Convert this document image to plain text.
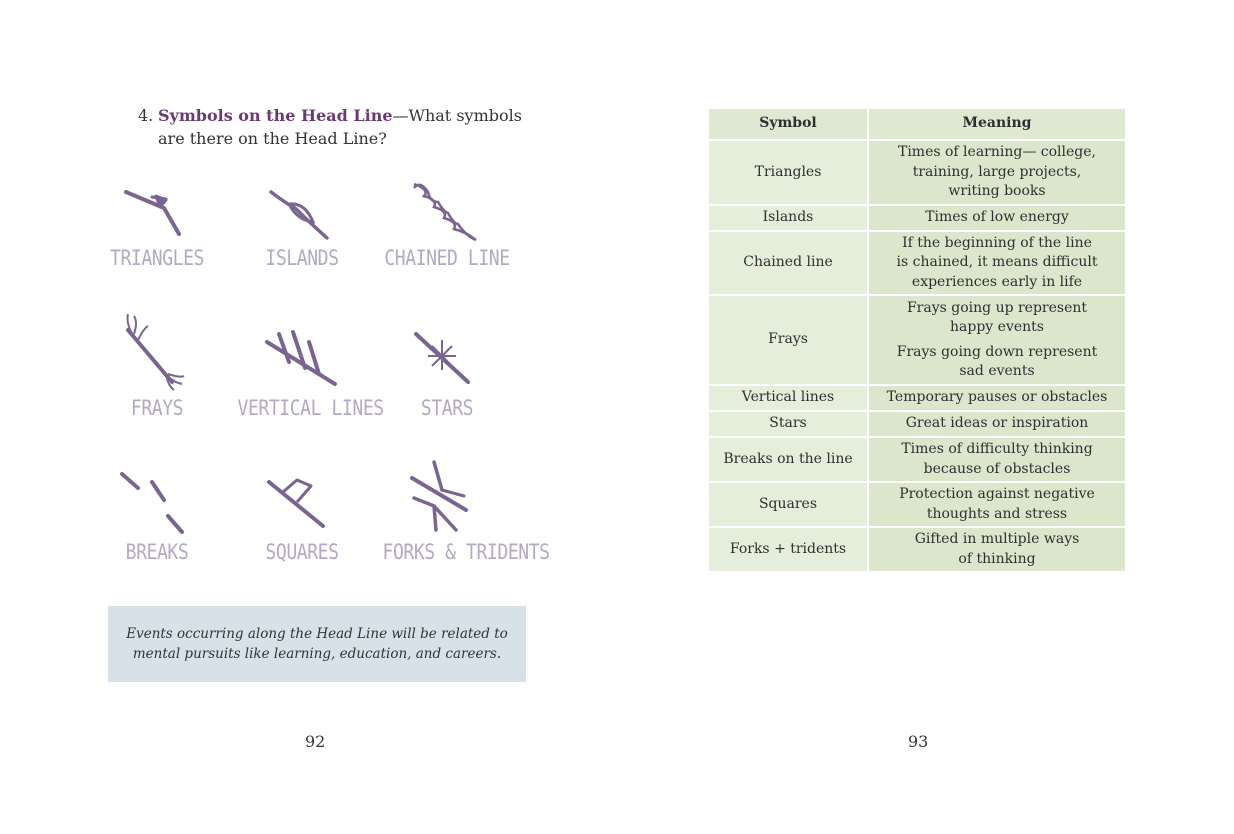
4. Symbols on the Head Line—What symbols
are there on the Head Line?
TRIANGLES	ISLANDS	CHAINED LINE
FRAYS	VERTICAL LINES	STARS
BREAKS	SQUARES	FORKS & TRIDENTS
Events occurring along the Head Line will be related to
mental pursuits like learning, education, and careers.
92
Symbol	Meaning
Triangles	Times of learning— college,
training, large projects,
writing books

Islands	Times of low energy

Chained line	If the beginning of the line
is chained, it means difficult
experiences early in life

Frays	Frays going up represent
happy events
Frays going down represent
sad events

Vertical lines	Temporary pauses or obstacles

Stars	Great ideas or inspiration

Breaks on the line	Times of difficulty thinking
because of obstacles

Squares	Protection against negative
thoughts and stress

Forks + tridents	Gifted in multiple ways
of thinking
93
